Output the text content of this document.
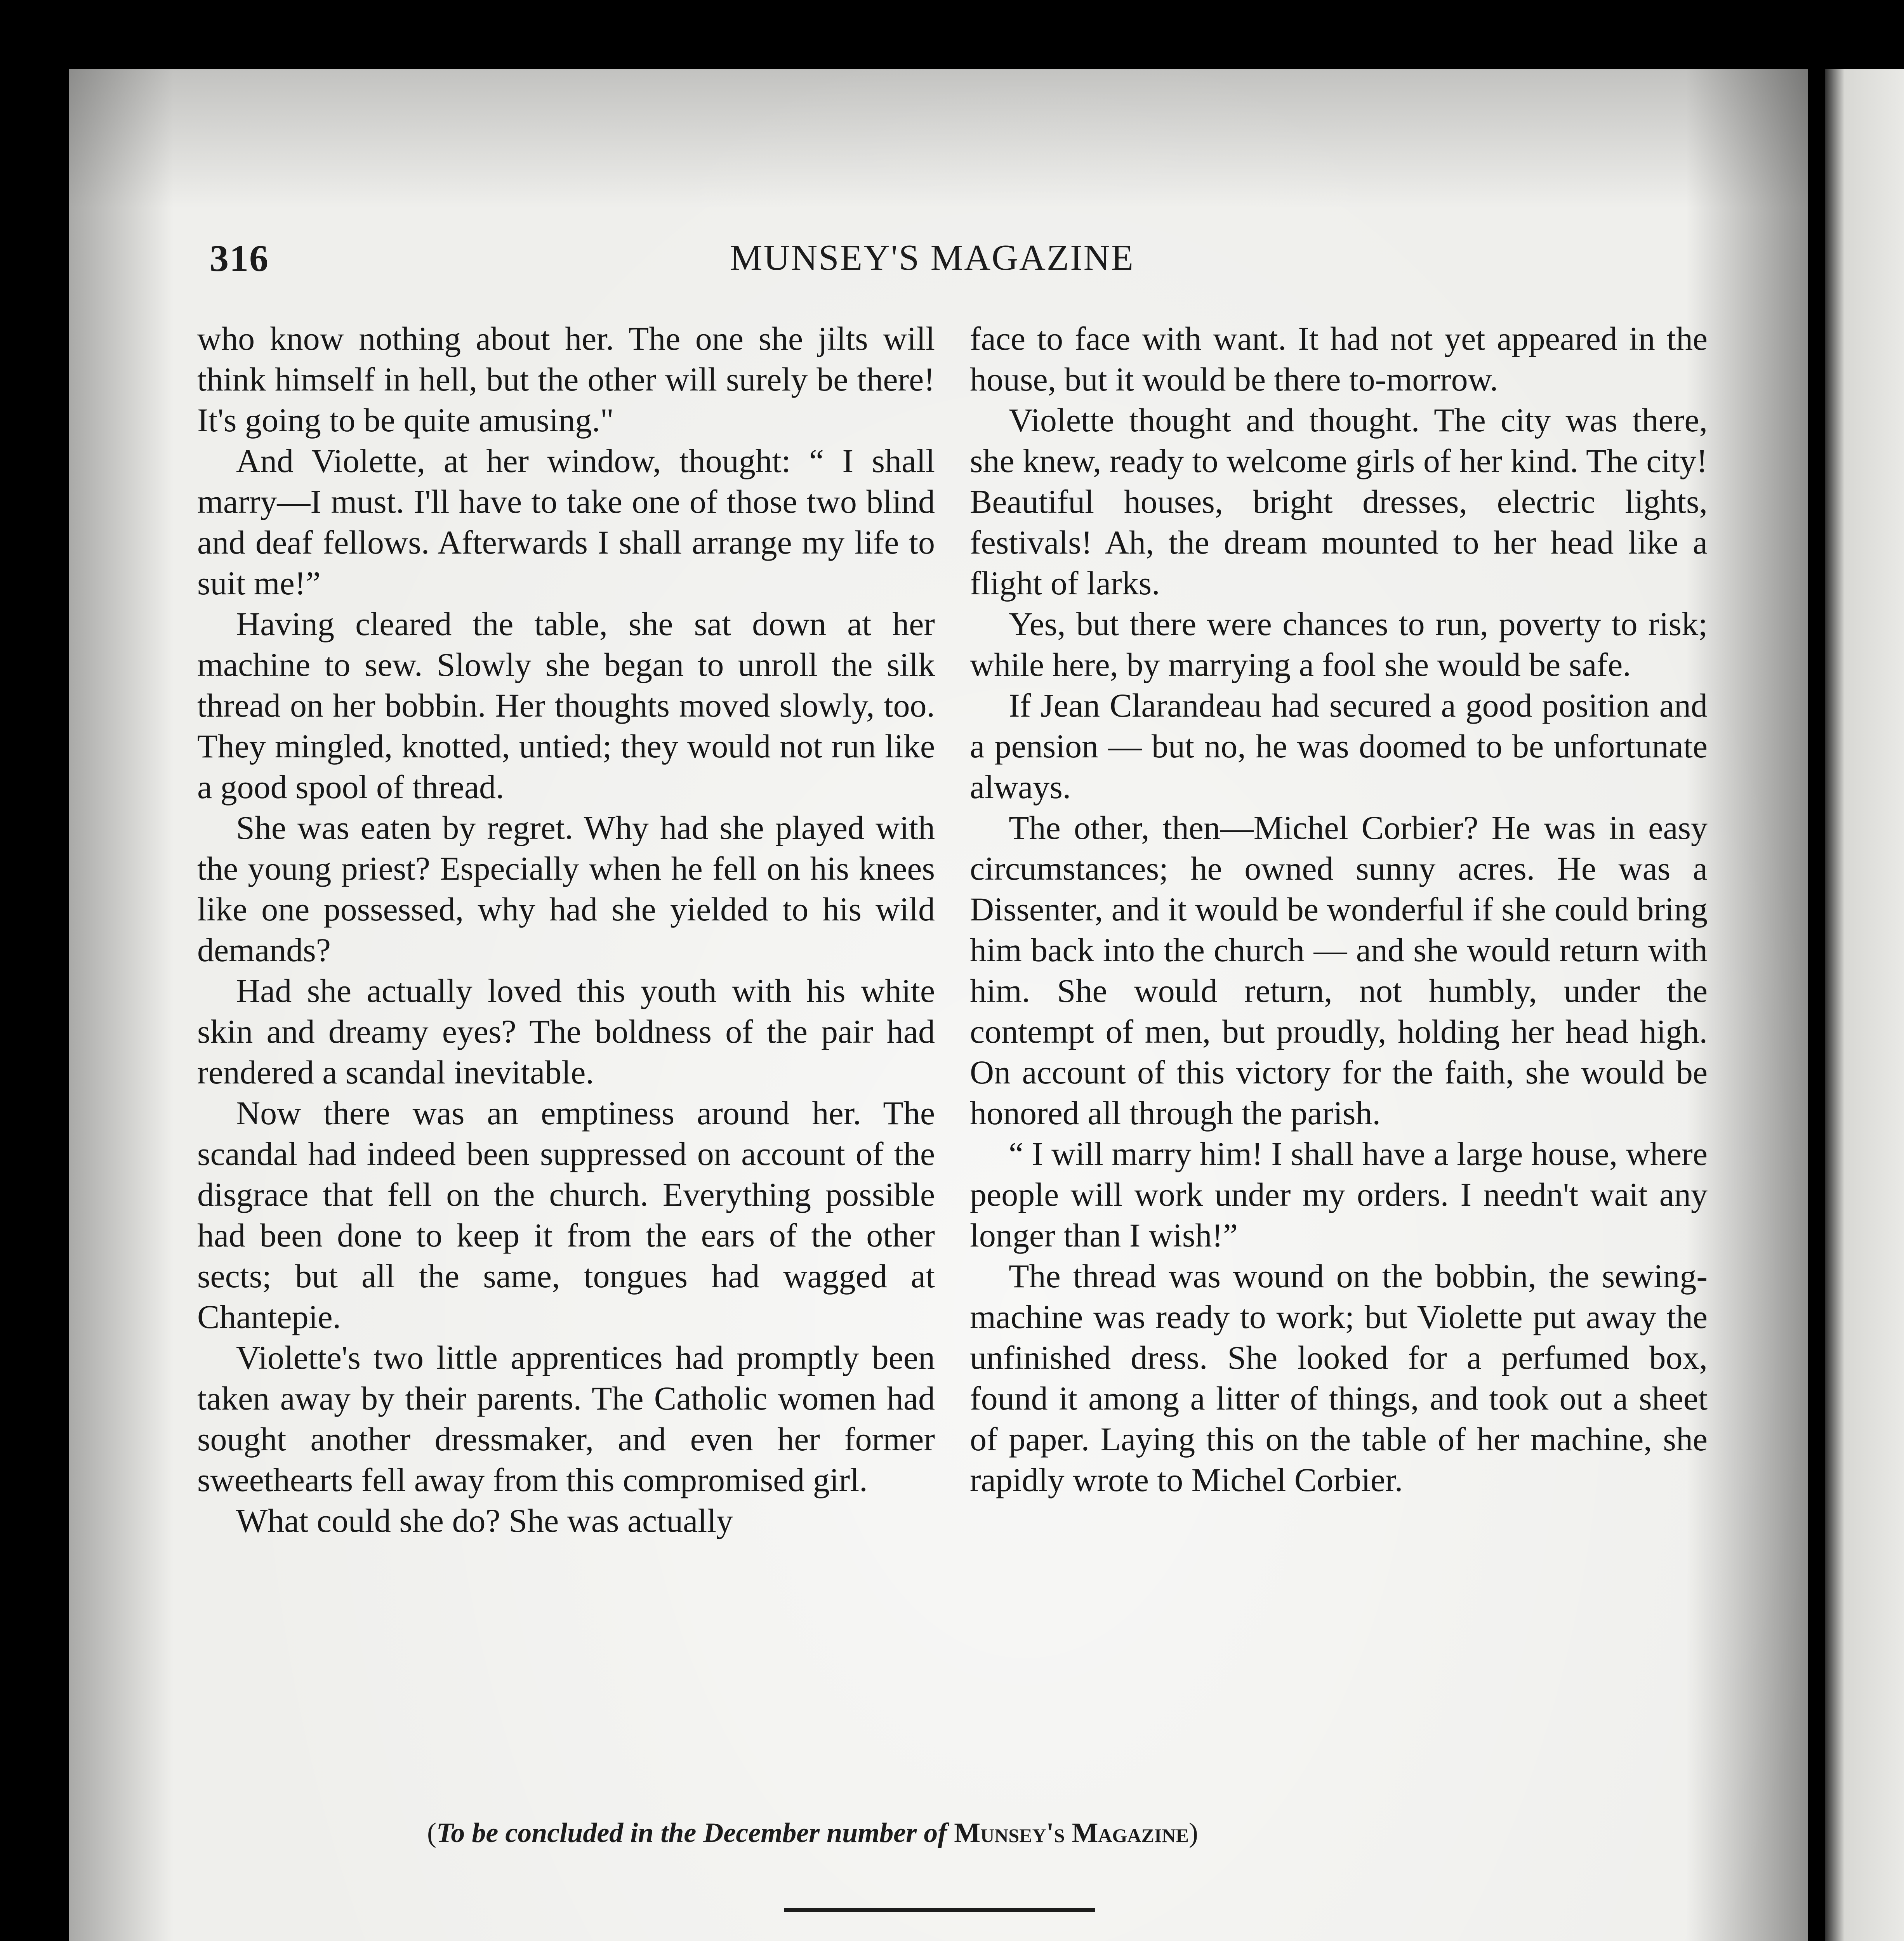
316	MUNSEY'S MAGAZINE

who know nothing about her. The one she jilts will think himself in hell, but the other will surely be there! It's going to be quite amusing."

And Violette, at her window, thought: “ I shall marry—I must. I'll have to take one of those two blind and deaf fellows. Afterwards I shall arrange my life to suit me!”

Having cleared the table, she sat down at her machine to sew. Slowly she began to unroll the silk thread on her bobbin. Her thoughts moved slowly, too. They mingled, knotted, untied; they would not run like a good spool of thread.

She was eaten by regret. Why had she played with the young priest? Especially when he fell on his knees like one possessed, why had she yielded to his wild demands?

Had she actually loved this youth with his white skin and dreamy eyes? The boldness of the pair had rendered a scandal inevitable.

Now there was an emptiness around her. The scandal had indeed been suppressed on account of the disgrace that fell on the church. Everything possible had been done to keep it from the ears of the other sects; but all the same, tongues had wagged at Chantepie.

Violette's two little apprentices had promptly been taken away by their parents. The Catholic women had sought another dressmaker, and even her former sweethearts fell away from this compromised girl.

What could she do? She was actually

face to face with want. It had not yet appeared in the house, but it would be there to-morrow.

Violette thought and thought. The city was there, she knew, ready to welcome girls of her kind. The city! Beautiful houses, bright dresses, electric lights, festivals! Ah, the dream mounted to her head like a flight of larks.

Yes, but there were chances to run, poverty to risk; while here, by marrying a fool she would be safe.

If Jean Clarandeau had secured a good position and a pension — but no, he was doomed to be unfortunate always.

The other, then—Michel Corbier? He was in easy circumstances; he owned sunny acres. He was a Dissenter, and it would be wonderful if she could bring him back into the church — and she would return with him. She would return, not humbly, under the contempt of men, but proudly, holding her head high. On account of this victory for the faith, she would be honored all through the parish.

“ I will marry him! I shall have a large house, where people will work under my orders. I needn't wait any longer than I wish!”

The thread was wound on the bobbin, the sewing-machine was ready to work; but Violette put away the unfinished dress. She looked for a perfumed box, found it among a litter of things, and took out a sheet of paper. Laying this on the table of her machine, she rapidly wrote to Michel Corbier.

(To be concluded in the December number of Munsey's Magazine)
